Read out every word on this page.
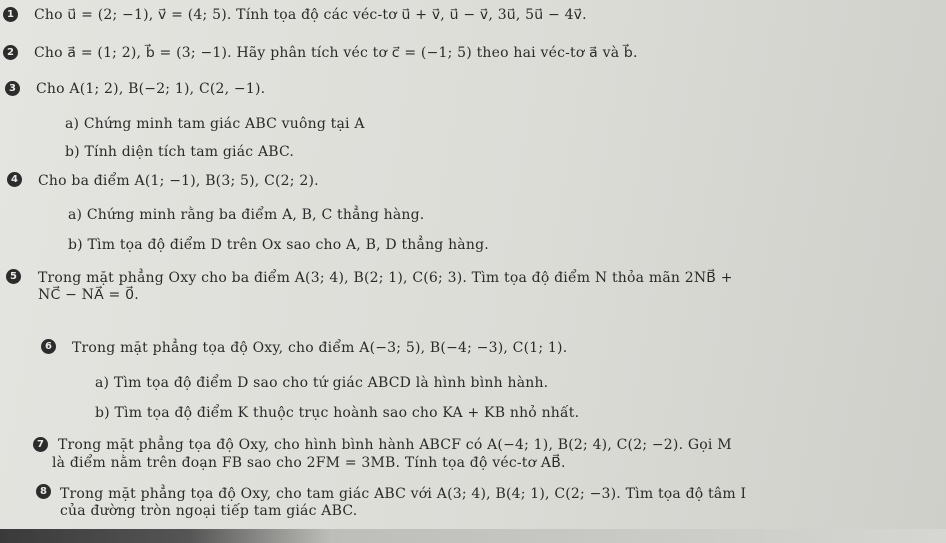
1 Cho u⃗ = (2; −1), v⃗ = (4; 5). Tính tọa độ các véc-tơ u⃗ + v⃗, u⃗ − v⃗, 3u⃗, 5u⃗ − 4v⃗.
2 Cho a⃗ = (1; 2), b⃗ = (3; −1). Hãy phân tích véc tơ c⃗ = (−1; 5) theo hai véc-tơ a⃗ và b⃗.
3 Cho A(1; 2), B(−2; 1), C(2, −1).
a) Chứng minh tam giác ABC vuông tại A
b) Tính diện tích tam giác ABC.
4 Cho ba điểm A(1; −1), B(3; 5), C(2; 2).
a) Chứng minh rằng ba điểm A, B, C thẳng hàng.
b) Tìm tọa độ điểm D trên Ox sao cho A, B, D thẳng hàng.
5 Trong mặt phẳng Oxy cho ba điểm A(3; 4), B(2; 1), C(6; 3). Tìm tọa độ điểm N thỏa mãn 2NB⃗ +
NC⃗ − NA⃗ = 0⃗.
6 Trong mặt phẳng tọa độ Oxy, cho điểm A(−3; 5), B(−4; −3), C(1; 1).
a) Tìm tọa độ điểm D sao cho tứ giác ABCD là hình bình hành.
b) Tìm tọa độ điểm K thuộc trục hoành sao cho KA + KB nhỏ nhất.
7 Trong mặt phẳng tọa độ Oxy, cho hình bình hành ABCF có A(−4; 1), B(2; 4), C(2; −2). Gọi M
là điểm nằm trên đoạn FB sao cho 2FM = 3MB. Tính tọa độ véc-tơ AB⃗.
8 Trong mặt phẳng tọa độ Oxy, cho tam giác ABC với A(3; 4), B(4; 1), C(2; −3). Tìm tọa độ tâm I
của đường tròn ngoại tiếp tam giác ABC.
